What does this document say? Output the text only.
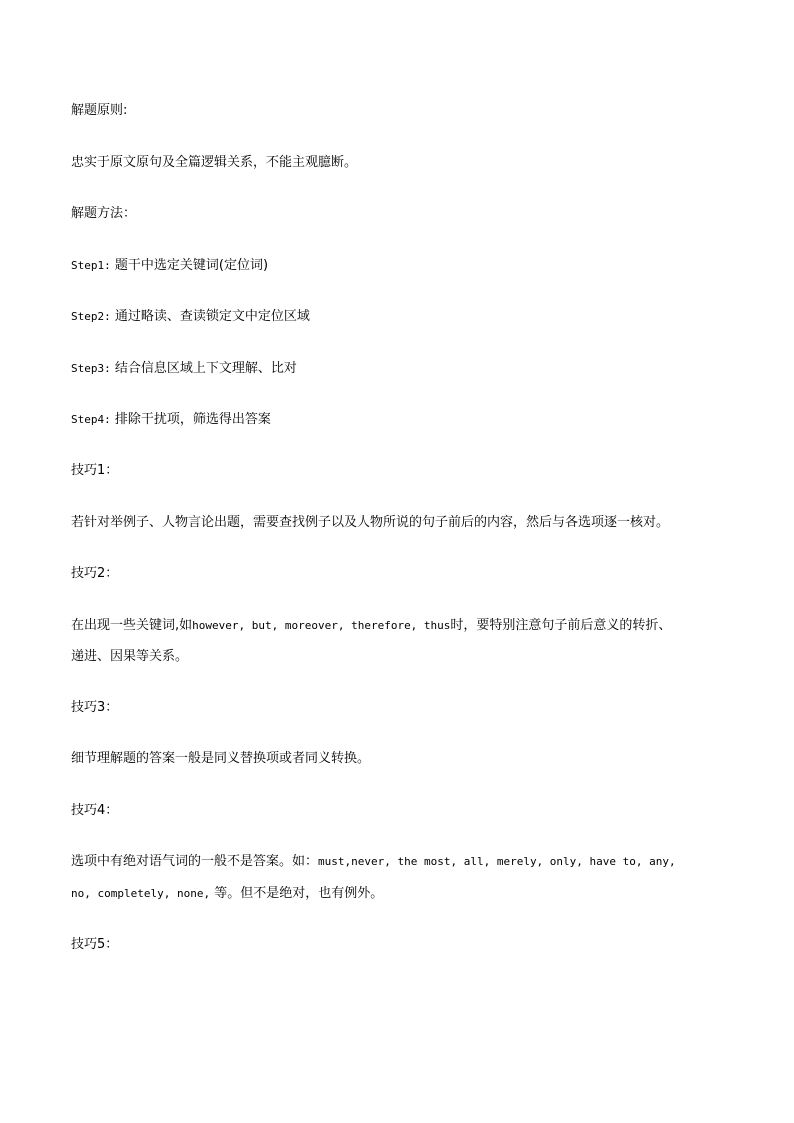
解题原则:

忠实于原文原句及全篇逻辑关系，不能主观臆断。

解题方法：

Step1: 题干中选定关键词(定位词)

Step2: 通过略读、查读锁定文中定位区域

Step3: 结合信息区域上下文理解、比对

Step4: 排除干扰项，筛选得出答案

技巧1：

若针对举例子、人物言论出题，需要查找例子以及人物所说的句子前后的内容，然后与各选项逐一核对。

技巧2：

在出现一些关键词,如however, but, moreover, therefore, thus时，要特别注意句子前后意义的转折、

递进、因果等关系。

技巧3：

细节理解题的答案一般是同义替换项或者同义转换。

技巧4：

选项中有绝对语气词的一般不是答案。如：must,never, the most, all, merely, only, have to, any,

no, completely, none, 等。但不是绝对，也有例外。

技巧5：
